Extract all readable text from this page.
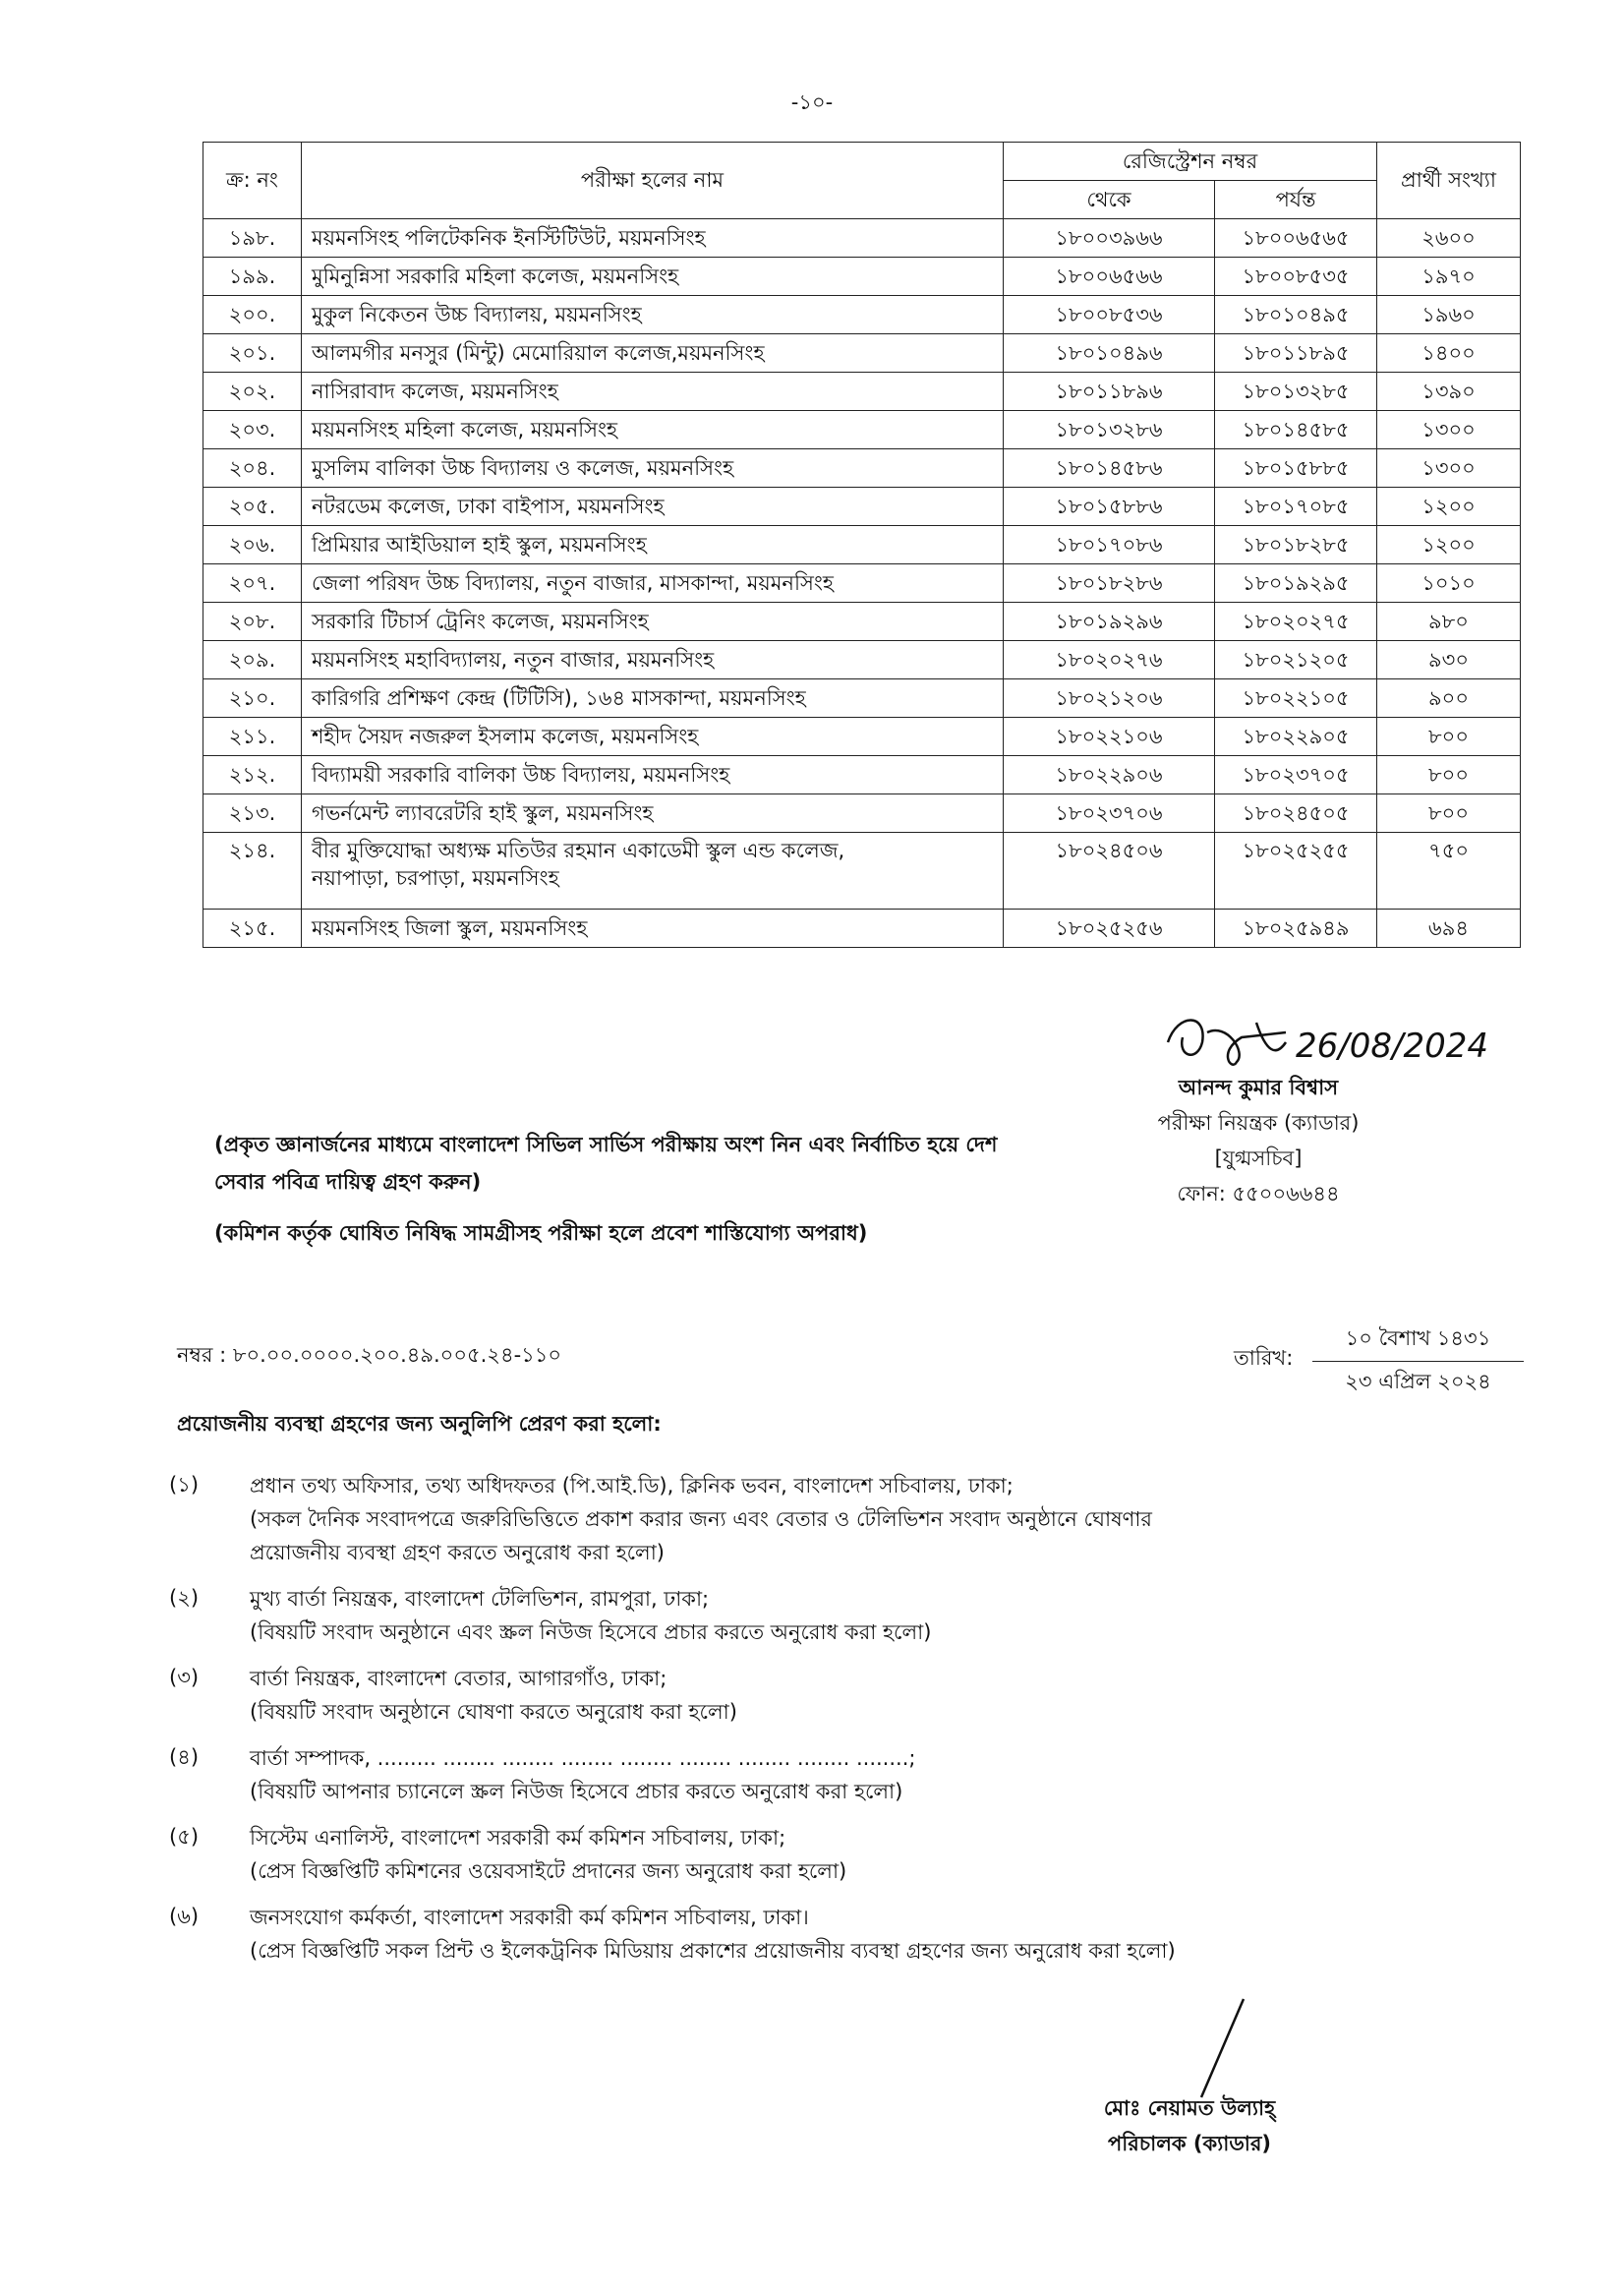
-১০-
ক্র: নং	পরীক্ষা হলের নাম	রেজিস্ট্রেশন নম্বর		প্রার্থী সংখ্যা
		থেকে	পর্যন্ত	
১৯৮.	ময়মনসিংহ পলিটেকনিক ইনস্টিটিউট, ময়মনসিংহ	১৮০০৩৯৬৬	১৮০০৬৫৬৫	২৬০০
১৯৯.	মুমিনুন্নিসা সরকারি মহিলা কলেজ, ময়মনসিংহ	১৮০০৬৫৬৬	১৮০০৮৫৩৫	১৯৭০
২০০.	মুকুল নিকেতন উচ্চ বিদ্যালয়, ময়মনসিংহ	১৮০০৮৫৩৬	১৮০১০৪৯৫	১৯৬০
২০১.	আলমগীর মনসুর (মিন্টু) মেমোরিয়াল কলেজ,ময়মনসিংহ	১৮০১০৪৯৬	১৮০১১৮৯৫	১৪০০
২০২.	নাসিরাবাদ কলেজ, ময়মনসিংহ	১৮০১১৮৯৬	১৮০১৩২৮৫	১৩৯০
২০৩.	ময়মনসিংহ মহিলা কলেজ, ময়মনসিংহ	১৮০১৩২৮৬	১৮০১৪৫৮৫	১৩০০
২০৪.	মুসলিম বালিকা উচ্চ বিদ্যালয় ও কলেজ, ময়মনসিংহ	১৮০১৪৫৮৬	১৮০১৫৮৮৫	১৩০০
২০৫.	নটরডেম কলেজ, ঢাকা বাইপাস, ময়মনসিংহ	১৮০১৫৮৮৬	১৮০১৭০৮৫	১২০০
২০৬.	প্রিমিয়ার আইডিয়াল হাই স্কুল, ময়মনসিংহ	১৮০১৭০৮৬	১৮০১৮২৮৫	১২০০
২০৭.	জেলা পরিষদ উচ্চ বিদ্যালয়, নতুন বাজার, মাসকান্দা, ময়মনসিংহ	১৮০১৮২৮৬	১৮০১৯২৯৫	১০১০
২০৮.	সরকারি টিচার্স ট্রেনিং কলেজ, ময়মনসিংহ	১৮০১৯২৯৬	১৮০২০২৭৫	৯৮০
২০৯.	ময়মনসিংহ মহাবিদ্যালয়, নতুন বাজার, ময়মনসিংহ	১৮০২০২৭৬	১৮০২১২০৫	৯৩০
২১০.	কারিগরি প্রশিক্ষণ কেন্দ্র (টিটিসি), ১৬৪ মাসকান্দা, ময়মনসিংহ	১৮০২১২০৬	১৮০২২১০৫	৯০০
২১১.	শহীদ সৈয়দ নজরুল ইসলাম কলেজ, ময়মনসিংহ	১৮০২২১০৬	১৮০২২৯০৫	৮০০
২১২.	বিদ্যাময়ী সরকারি বালিকা উচ্চ বিদ্যালয়, ময়মনসিংহ	১৮০২২৯০৬	১৮০২৩৭০৫	৮০০
২১৩.	গভর্নমেন্ট ল্যাবরেটরি হাই স্কুল, ময়মনসিংহ	১৮০২৩৭০৬	১৮০২৪৫০৫	৮০০
২১৪.	বীর মুক্তিযোদ্ধা অধ্যক্ষ মতিউর রহমান একাডেমী স্কুল এন্ড কলেজ,
নয়াপাড়া, চরপাড়া, ময়মনসিংহ	১৮০২৪৫০৬	১৮০২৫২৫৫	৭৫০
২১৫.	ময়মনসিংহ জিলা স্কুল, ময়মনসিংহ	১৮০২৫২৫৬	১৮০২৫৯৪৯	৬৯৪
26/08/2024
আনন্দ কুমার বিশ্বাস
পরীক্ষা নিয়ন্ত্রক (ক্যাডার)
[যুগ্মসচিব]
ফোন: ৫৫০০৬৬৪৪

(প্রকৃত জ্ঞানার্জনের মাধ্যমে বাংলাদেশ সিভিল সার্ভিস পরীক্ষায় অংশ নিন এবং নির্বাচিত হয়ে দেশ সেবার পবিত্র দায়িত্ব গ্রহণ করুন)

(কমিশন কর্তৃক ঘোষিত নিষিদ্ধ সামগ্রীসহ পরীক্ষা হলে প্রবেশ শাস্তিযোগ্য অপরাধ)

নম্বর : ৮০.০০.০০০০.২০০.৪৯.০০৫.২৪-১১০	তারিখ:
১০ বৈশাখ ১৪৩১
২৩ এপ্রিল ২০২৪
প্রয়োজনীয় ব্যবস্থা গ্রহণের জন্য অনুলিপি প্রেরণ করা হলো:
(১)	প্রধান তথ্য অফিসার, তথ্য অধিদফতর (পি.আই.ডি), ক্লিনিক ভবন, বাংলাদেশ সচিবালয়, ঢাকা;
(সকল দৈনিক সংবাদপত্রে জরুরিভিত্তিতে প্রকাশ করার জন্য এবং বেতার ও টেলিভিশন সংবাদ অনুষ্ঠানে ঘোষণার
প্রয়োজনীয় ব্যবস্থা গ্রহণ করতে অনুরোধ করা হলো)
(২)	মুখ্য বার্তা নিয়ন্ত্রক, বাংলাদেশ টেলিভিশন, রামপুরা, ঢাকা;
(বিষয়টি সংবাদ অনুষ্ঠানে এবং স্ক্রল নিউজ হিসেবে প্রচার করতে অনুরোধ করা হলো)
(৩)	বার্তা নিয়ন্ত্রক, বাংলাদেশ বেতার, আগারগাঁও, ঢাকা;
(বিষয়টি সংবাদ অনুষ্ঠানে ঘোষণা করতে অনুরোধ করা হলো)
(৪)	বার্তা সম্পাদক, ......... ........ ........ ........ ........ ........ ........ ........ ........;
(বিষয়টি আপনার চ্যানেলে স্ক্রল নিউজ হিসেবে প্রচার করতে অনুরোধ করা হলো)
(৫)	সিস্টেম এনালিস্ট, বাংলাদেশ সরকারী কর্ম কমিশন সচিবালয়, ঢাকা;
(প্রেস বিজ্ঞপ্তিটি কমিশনের ওয়েবসাইটে প্রদানের জন্য অনুরোধ করা হলো)
(৬)	জনসংযোগ কর্মকর্তা, বাংলাদেশ সরকারী কর্ম কমিশন সচিবালয়, ঢাকা।
(প্রেস বিজ্ঞপ্তিটি সকল প্রিন্ট ও ইলেকট্রনিক মিডিয়ায় প্রকাশের প্রয়োজনীয় ব্যবস্থা গ্রহণের জন্য অনুরোধ করা হলো)
মোঃ নেয়ামত উল্যাহ্
পরিচালক (ক্যাডার)
